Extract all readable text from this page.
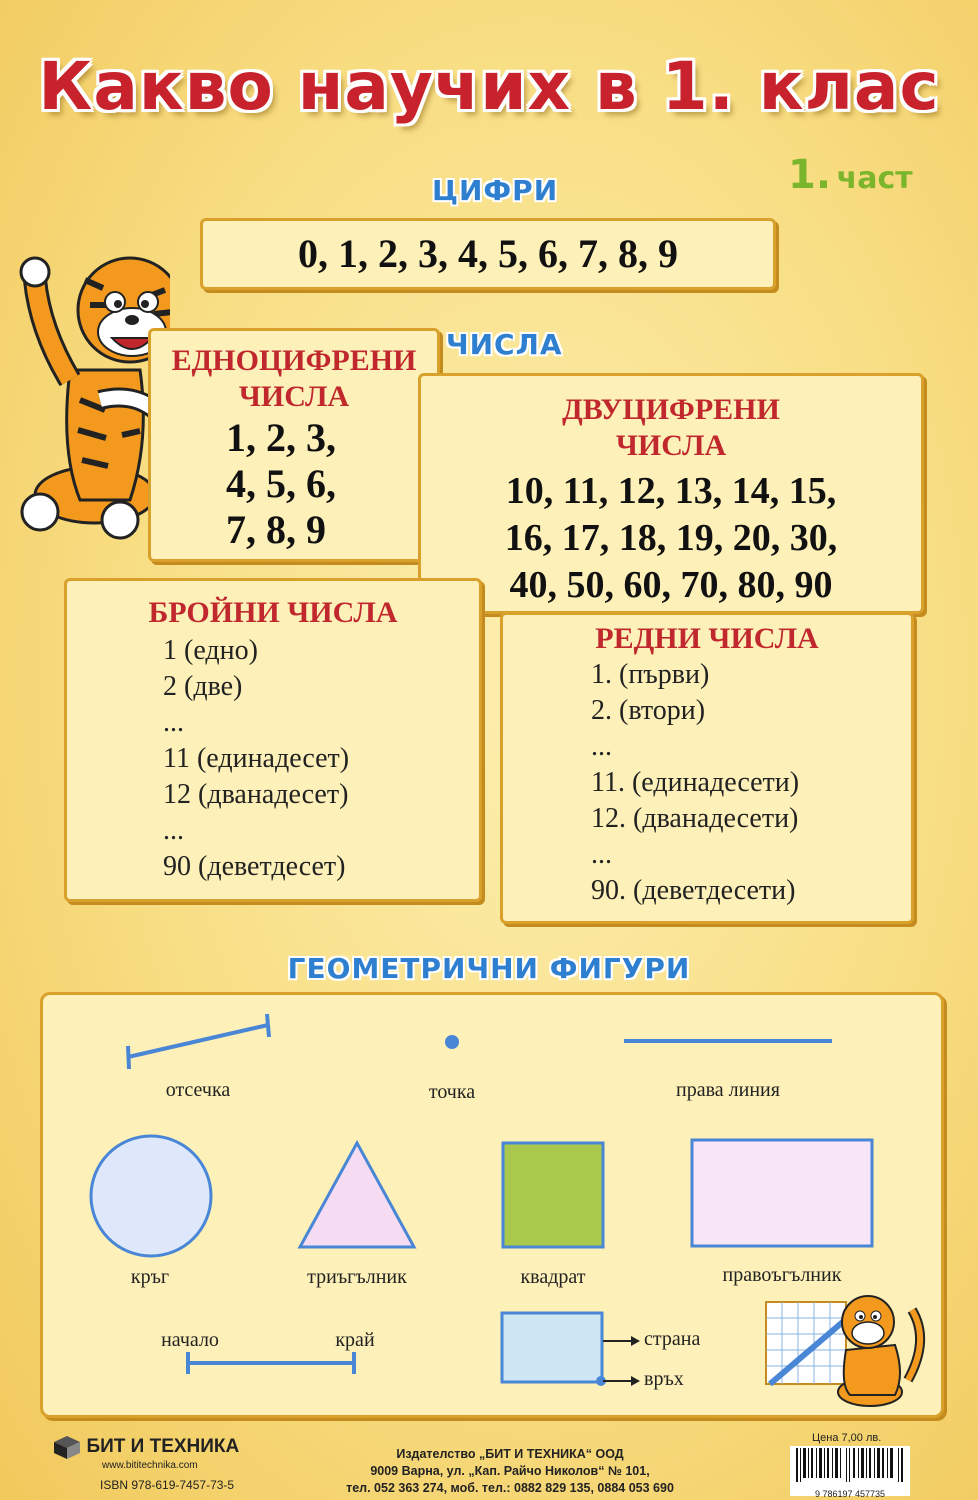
Какво научих в 1. клас
1. част
ЦИФРИ
0, 1, 2, 3, 4, 5, 6, 7, 8, 9
ЧИСЛА
ЕДНОЦИФРЕНИ
ЧИСЛА
1, 2, 3,
4, 5, 6,
7, 8, 9
ДВУЦИФРЕНИ
ЧИСЛА
10, 11, 12, 13, 14, 15,
16, 17, 18, 19, 20, 30,
40, 50, 60, 70, 80, 90
БРОЙНИ ЧИСЛА
1 (едно)
2 (две)
...
11 (единадесет)
12 (дванадесет)
...
90 (деветдесет)
РЕДНИ ЧИСЛА
1. (първи)
2. (втори)
...
11. (единадесети)
12. (дванадесети)
...
90. (деветдесети)
ГЕОМЕТРИЧНИ ФИГУРИ
отсечка	точка	права линия
кръг	триъгълник	квадрат	правоъгълник
начало	край	страна
връх
БИТ И ТЕХНИКА
www.bititechnika.com
ISBN 978-619-7457-73-5
Издателство „БИТ И ТЕХНИКА“ ООД
9009 Варна, ул. „Кап. Райчо Николов“ № 101,
тел. 052 363 274, моб. тел.: 0882 829 135, 0884 053 690
Цена 7,00 лв.
9 786197 457735
